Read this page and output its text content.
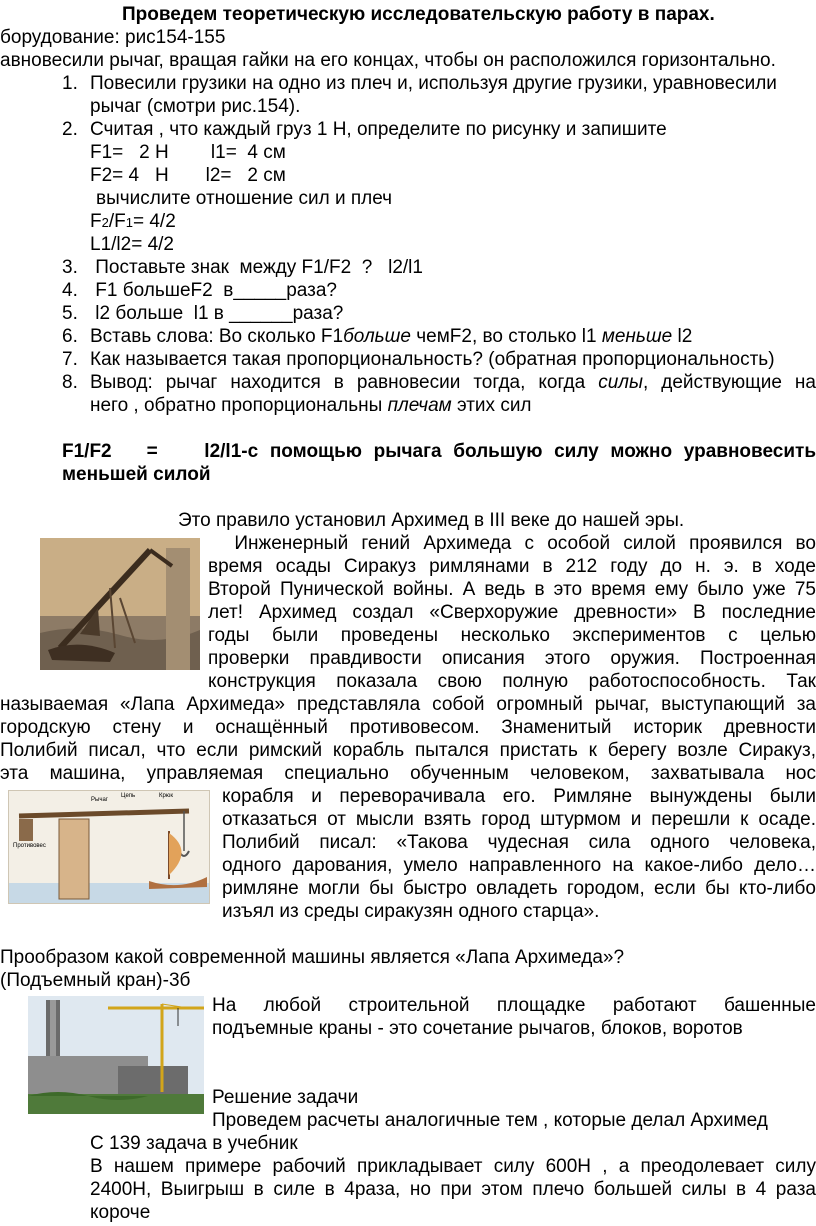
Проведем теоретическую исследовательскую работу в парах.
борудование: рис154-155
авновесили рычаг, вращая гайки на его концах, чтобы он расположился горизонтально.
1. Повесили грузики на одно из плеч и, используя другие грузики, уравновесили
рычаг (смотри рис.154).
2. Считая , что каждый груз 1 Н, определите по рисунку и запишите
F1=   2 Н        l1=  4 см
F2= 4   Н       l2=   2 см
вычислите отношение сил и плеч
F2/F1= 4/2
L1/l2= 4/2
3. Поставьте знак  между F1/F2  ?   l2/l1
4. F1 большеF2  в_____раза?
5. l2 больше  l1 в ______раза?
6. Вставь слова: Во сколько F1больше чемF2, во столько l1 меньше l2
7. Как называется такая пропорциональность? (обратная пропорциональность)
8. Вывод: рычаг находится в равновесии тогда, когда силы, действующие на
него , обратно пропорциональны плечам этих сил
F1/F2   =    l2/l1-с помощью рычага большую силу можно уравновесить
меньшей силой
Это правило установил Архимед в III веке до нашей эры.
Инженерный гений Архимеда с особой силой проявился во
время осады Сиракуз римлянами в 212 году до н. э. в ходе
Второй Пунической войны. А ведь в это время ему было уже 75
лет! Архимед создал «Сверхоружие древности» В последние
годы были проведены несколько экспериментов с целью
проверки правдивости описания этого оружия. Построенная
конструкция показала свою полную работоспособность. Так
называемая «Лапа Архимеда» представляла собой огромный рычаг, выступающий за
городскую стену и оснащённый противовесом. Знаменитый историк древности
Полибий писал, что если римский корабль пытался пристать к берегу возле Сиракуз,
эта машина, управляемая специально обученным человеком, захватывала нос
Рычаг
Противовес
Цепь	Крюк	корабля и переворачивала его. Римляне вынуждены были
отказаться от мысли взять город штурмом и перешли к осаде.
Полибий писал: «Такова чудесная сила одного человека,
одного дарования, умело направленного на какое-либо дело…
римляне могли бы быстро овладеть городом, если бы кто-либо
изъял из среды сиракузян одного старца».
Прообразом какой современной машины является «Лапа Архимеда»?
(Подъемный кран)-3б
На любой строительной площадке работают башенные
подъемные краны - это сочетание рычагов, блоков, воротов
Решение задачи
Проведем расчеты аналогичные тем , которые делал Архимед
С 139 задача в учебник
В нашем примере рабочий прикладывает силу 600Н , а преодолевает силу
2400Н, Выигрыш в силе в 4раза, но при этом плечо большей силы в 4 раза
короче
